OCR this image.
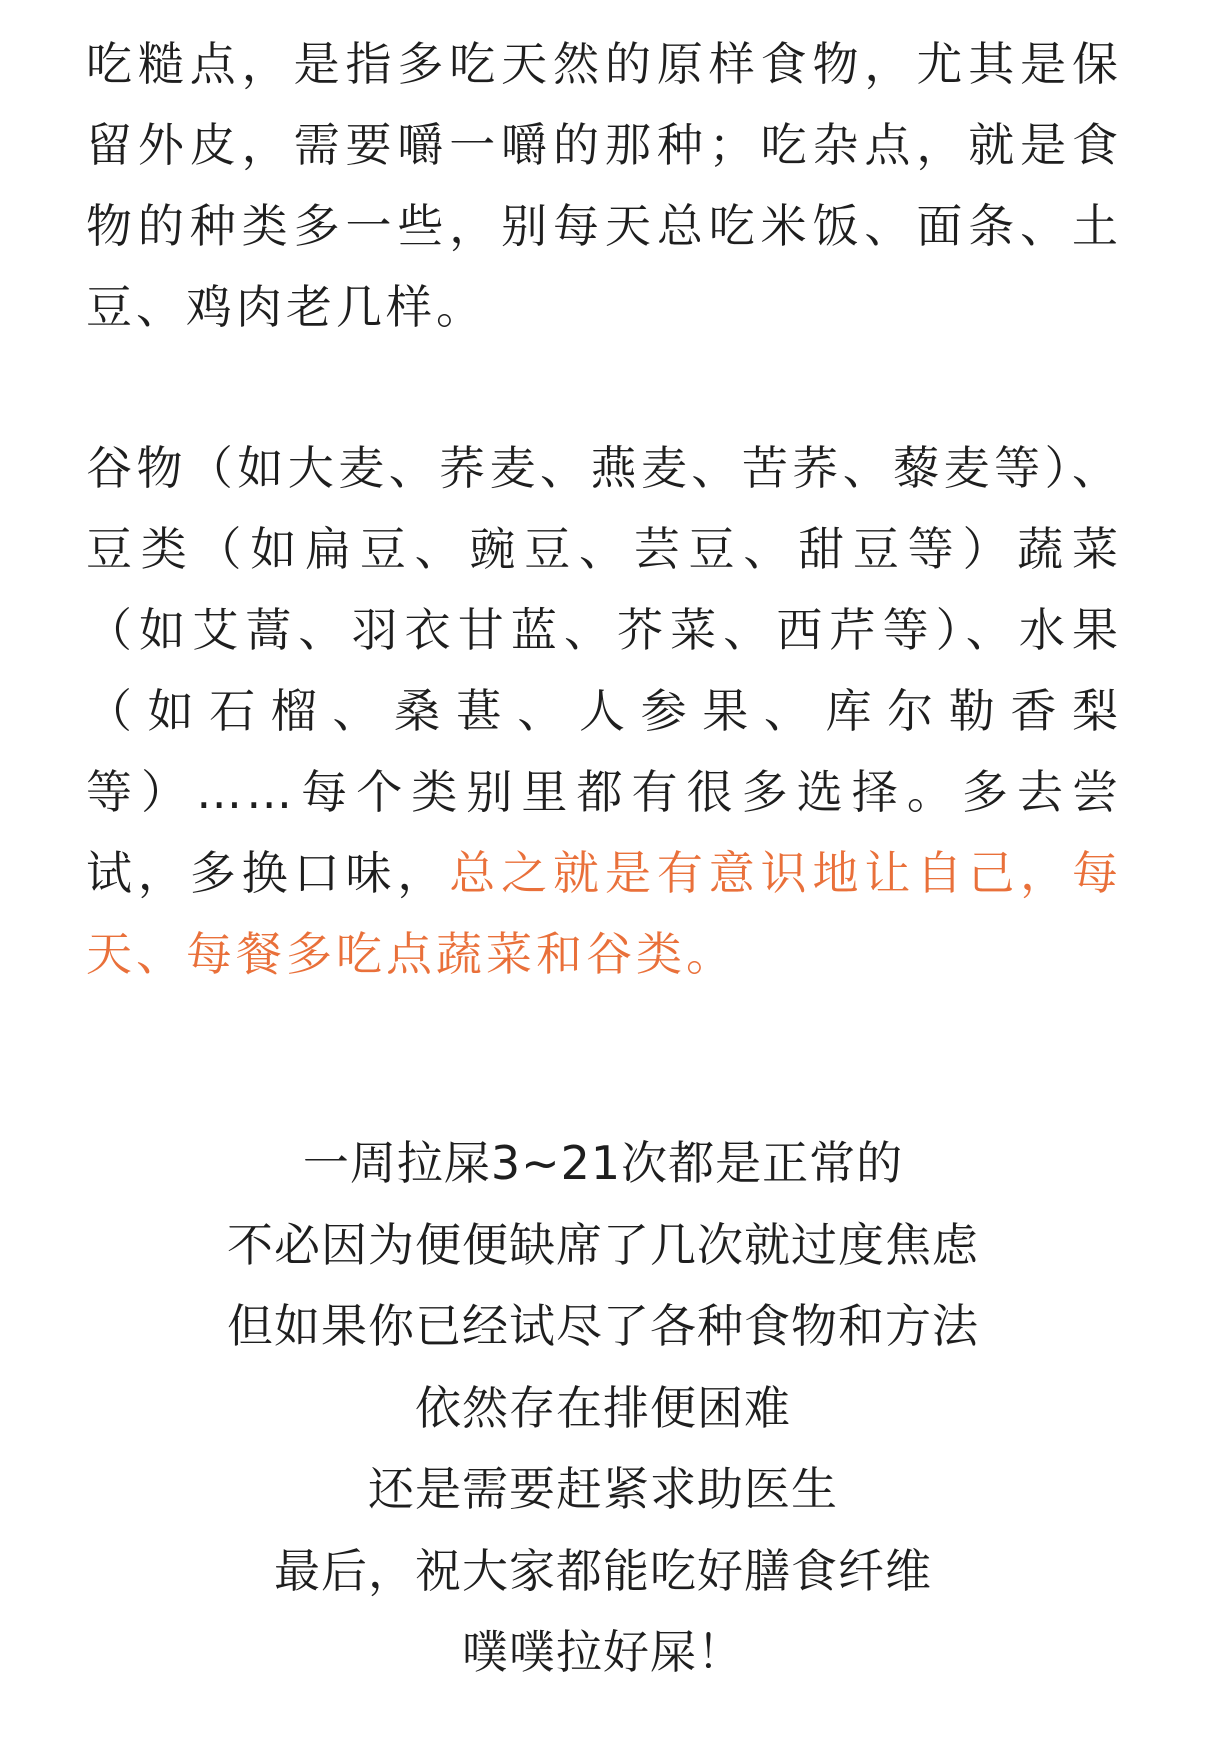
吃糙点，是指多吃天然的原样食物，尤其是保留外皮，需要嚼一嚼的那种；吃杂点，就是食物的种类多一些，别每天总吃米饭、面条、土豆、鸡肉老几样。

谷物（如大麦、荞麦、燕麦、苦荞、藜麦等）、豆类（如扁豆、豌豆、芸豆、甜豆等）蔬菜（如艾蒿、羽衣甘蓝、芥菜、西芹等）、水果（如石榴、桑葚、人参果、库尔勒香梨等）……每个类别里都有很多选择。多去尝试，多换口味，总之就是有意识地让自己，每天、每餐多吃点蔬菜和谷类。

一周拉屎3~21次都是正常的
不必因为便便缺席了几次就过度焦虑
但如果你已经试尽了各种食物和方法
依然存在排便困难
还是需要赶紧求助医生
最后，祝大家都能吃好膳食纤维
噗噗拉好屎！
